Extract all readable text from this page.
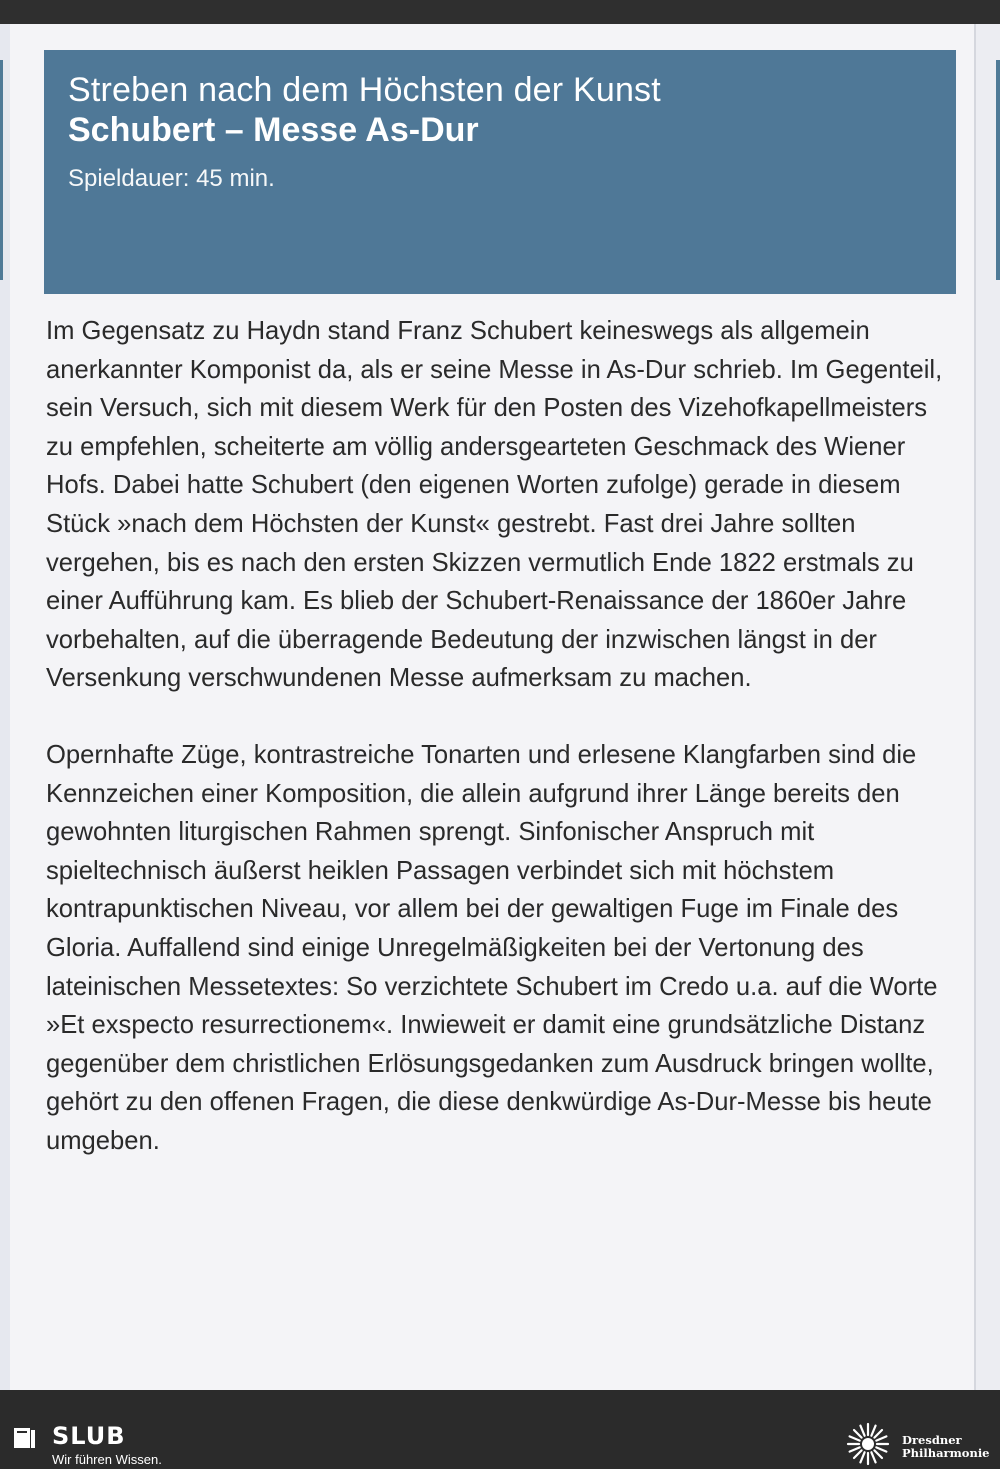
Streben nach dem Höchsten der Kunst
Schubert – Messe As-Dur
Spieldauer: 45 min.

Im Gegensatz zu Haydn stand Franz Schubert keineswegs als allgemein anerkannter Komponist da, als er seine Messe in As-Dur schrieb. Im Gegenteil, sein Versuch, sich mit diesem Werk für den Posten des Vizehofkapellmeisters zu empfehlen, scheiterte am völlig andersgearteten Geschmack des Wiener Hofs. Dabei hatte Schubert (den eigenen Worten zufolge) gerade in diesem Stück »nach dem Höchsten der Kunst« gestrebt. Fast drei Jahre sollten vergehen, bis es nach den ersten Skizzen vermutlich Ende 1822 erstmals zu einer Aufführung kam. Es blieb der Schubert-Renaissance der 1860er Jahre vorbehalten, auf die überragende Bedeutung der inzwischen längst in der Versenkung verschwundenen Messe aufmerksam zu machen.

Opernhafte Züge, kontrastreiche Tonarten und erlesene Klangfarben sind die Kennzeichen einer Komposition, die allein aufgrund ihrer Länge bereits den gewohnten liturgischen Rahmen sprengt. Sinfonischer Anspruch mit spieltechnisch äußerst heiklen Passagen verbindet sich mit höchstem kontrapunktischen Niveau, vor allem bei der gewaltigen Fuge im Finale des Gloria. Auffallend sind einige Unregelmäßigkeiten bei der Vertonung des lateinischen Messetextes: So verzichtete Schubert im Credo u.a. auf die Worte »Et exspecto resurrectionem«. Inwieweit er damit eine grundsätzliche Distanz gegenüber dem christlichen Erlösungsgedanken zum Ausdruck bringen wollte, gehört zu den offenen Fragen, die diese denkwürdige As-Dur-Messe bis heute umgeben.

SLUB
Wir führen Wissen.
Dresdner
Philharmonie
